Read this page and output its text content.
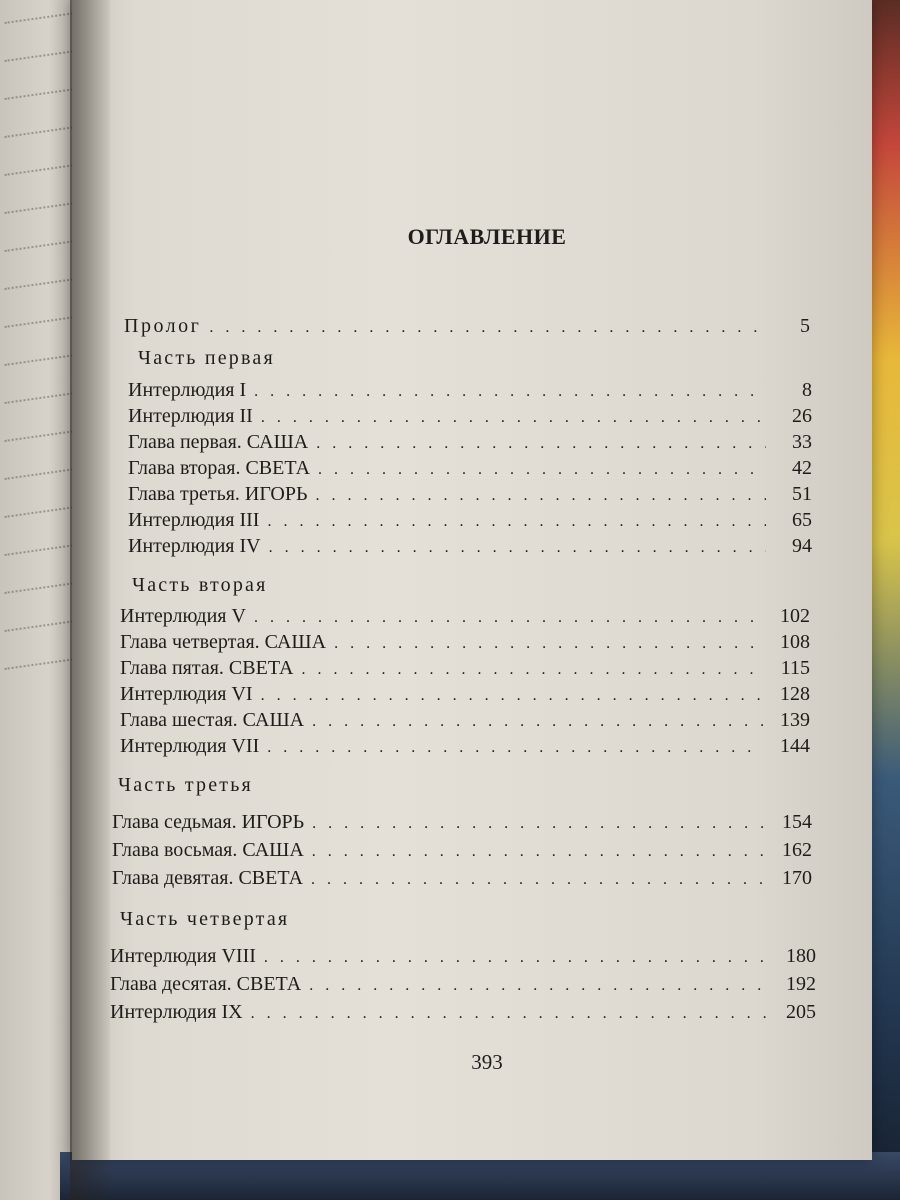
ОГЛАВЛЕНИЕ
Пролог . . .	5
Часть первая
Интерлюдия I . . .	8
Интерлюдия II . . .	26
Глава первая. САША . . .	33
Глава вторая. СВЕТА . . .	42
Глава третья. ИГОРЬ . . .	51
Интерлюдия III . . .	65
Интерлюдия IV . . .	94
Часть вторая
Интерлюдия V . . .	102
Глава четвертая. САША . . .	108
Глава пятая. СВЕТА . . .	115
Интерлюдия VI . . .	128
Глава шестая. САША . . .	139
Интерлюдия VII . . .	144
Часть третья
Глава седьмая. ИГОРЬ . . .	154
Глава восьмая. САША . . .	162
Глава девятая. СВЕТА . . .	170
Часть четвертая
Интерлюдия VIII . . .	180
Глава десятая. СВЕТА . . .	192
Интерлюдия IX . . .	205
393
